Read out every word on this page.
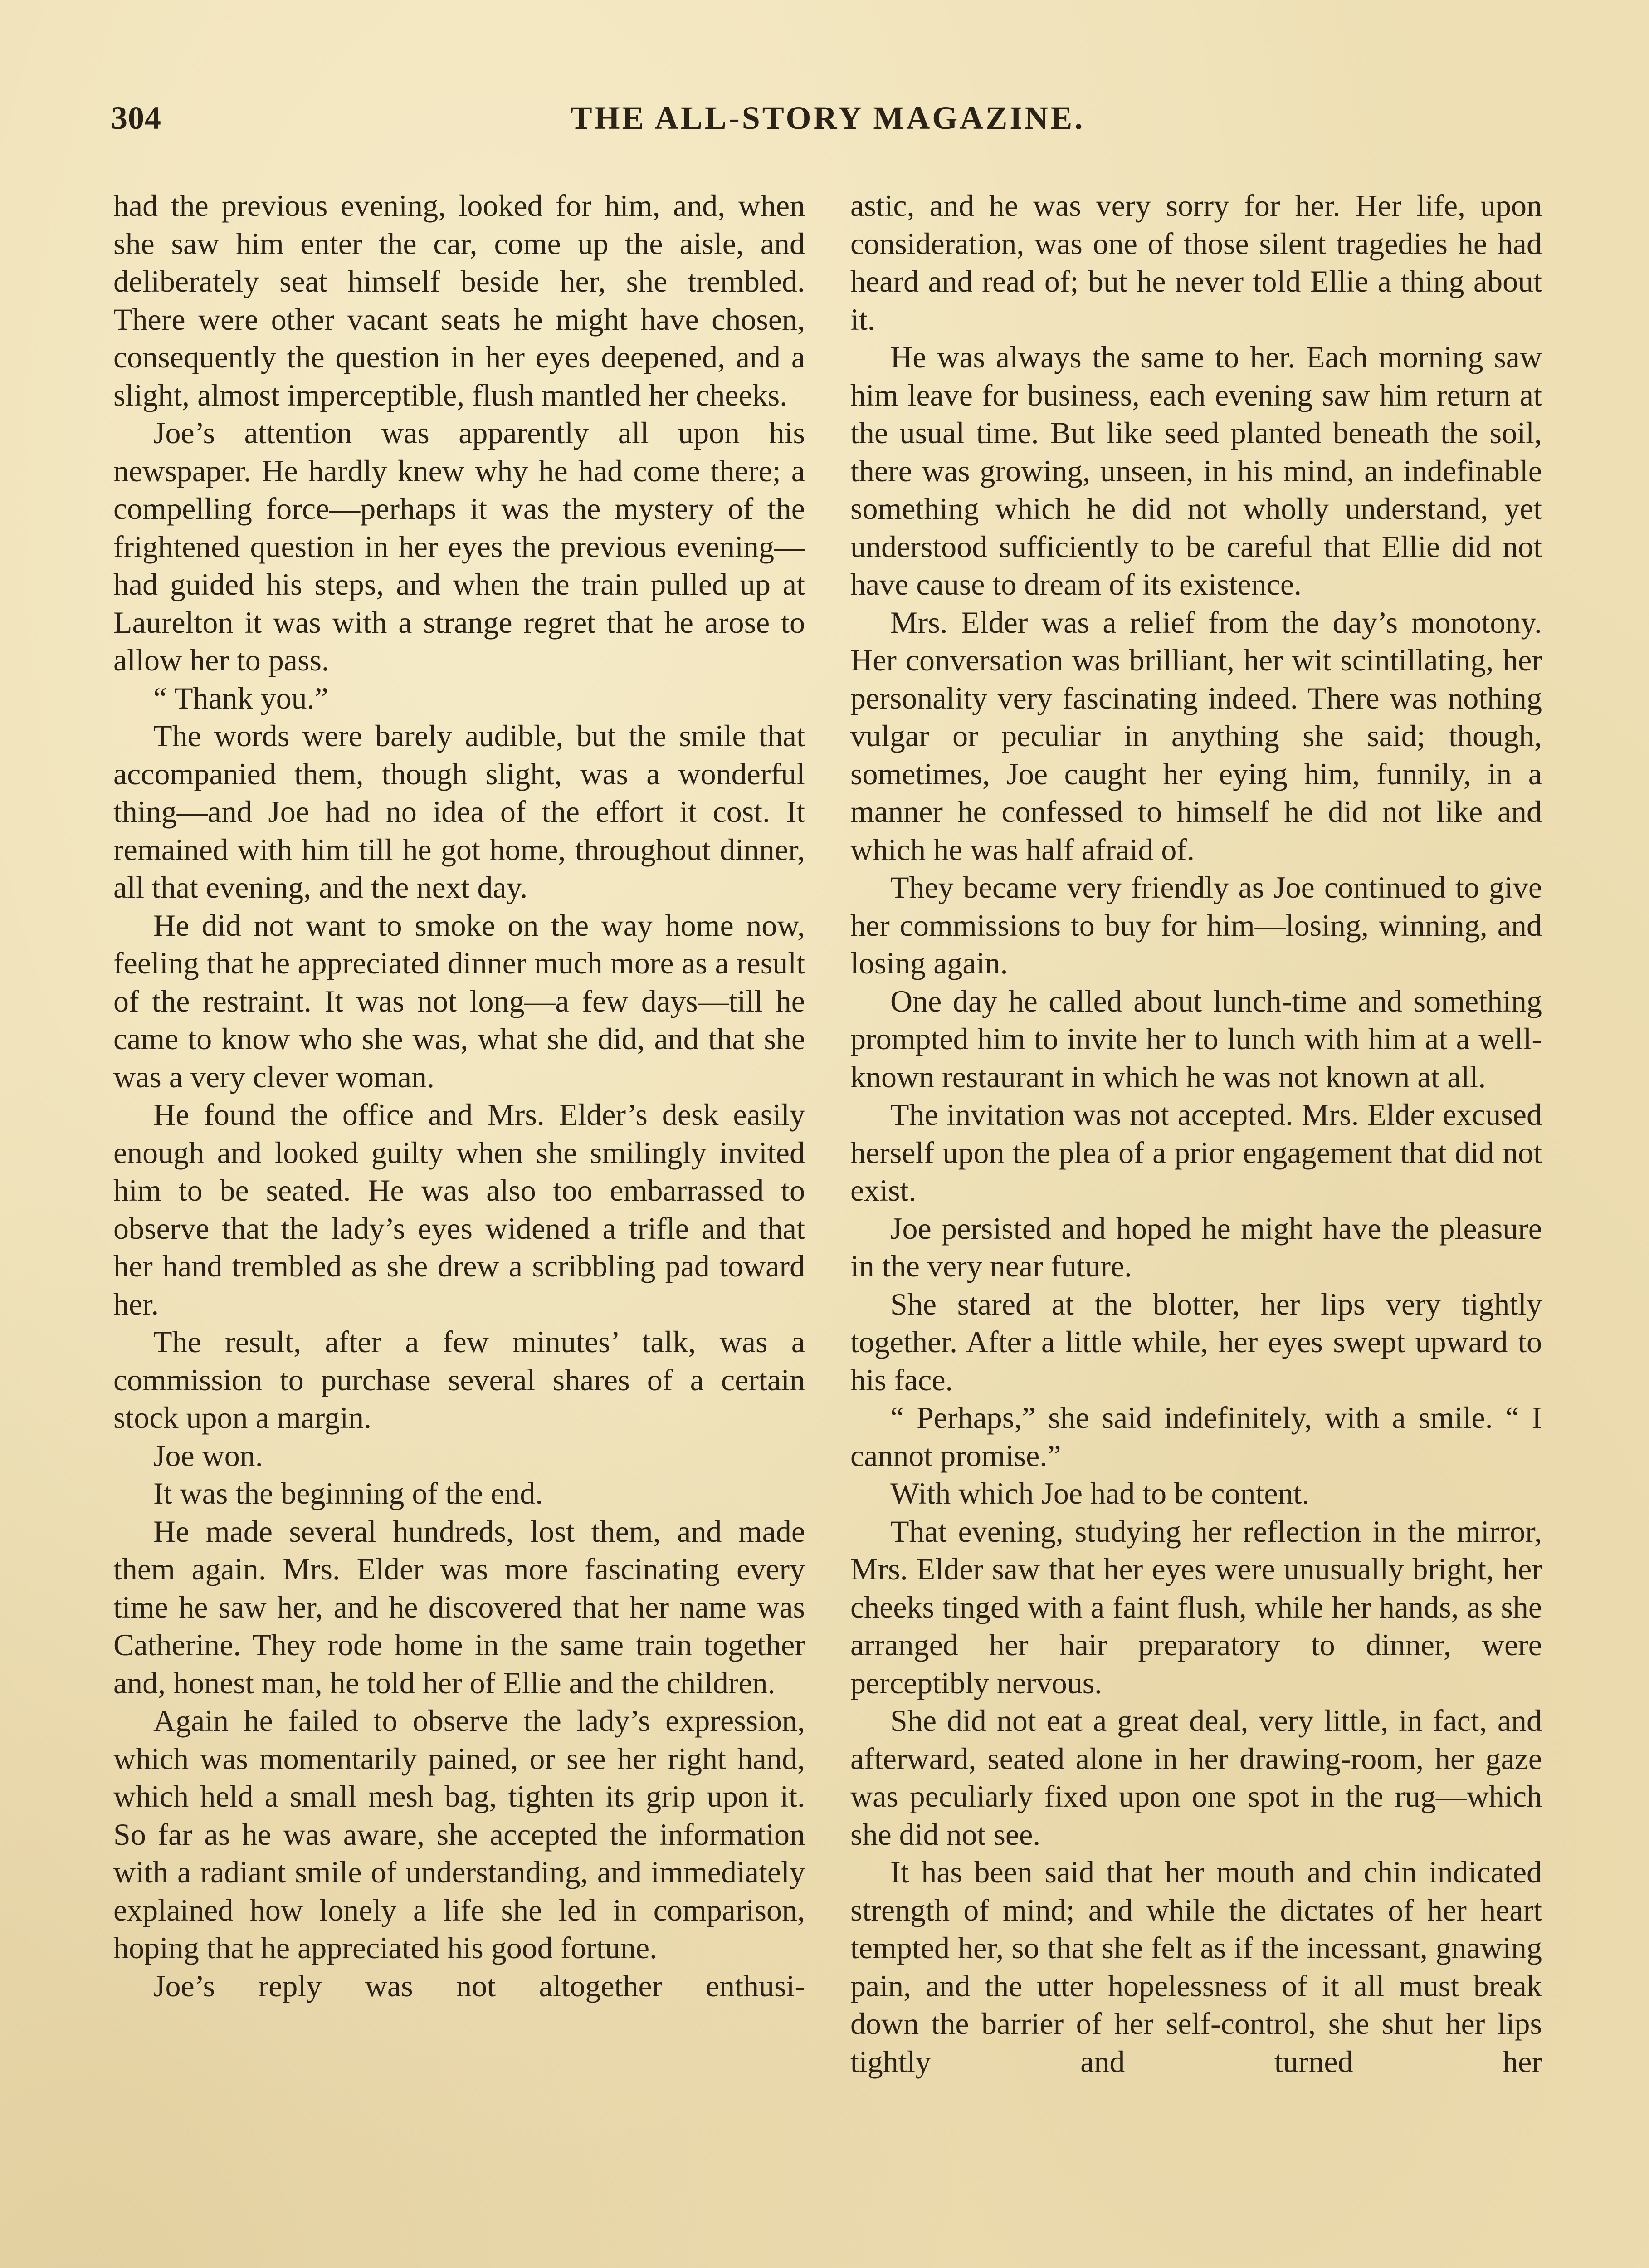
304	THE ALL-STORY MAGAZINE.

had the previous evening, looked for him, and, when she saw him enter the car, come up the aisle, and deliberately seat himself beside her, she trembled. There were other vacant seats he might have chosen, consequently the question in her eyes deepened, and a slight, almost imperceptible, flush mantled her cheeks.

Joe’s attention was apparently all upon his newspaper. He hardly knew why he had come there; a compelling force—perhaps it was the mystery of the frightened question in her eyes the previous evening—had guided his steps, and when the train pulled up at Laurelton it was with a strange regret that he arose to allow her to pass.

“ Thank you.”

The words were barely audible, but the smile that accompanied them, though slight, was a wonderful thing—and Joe had no idea of the effort it cost. It remained with him till he got home, throughout dinner, all that evening, and the next day.

He did not want to smoke on the way home now, feeling that he appreciated dinner much more as a result of the restraint. It was not long—a few days—till he came to know who she was, what she did, and that she was a very clever woman.

He found the office and Mrs. Elder’s desk easily enough and looked guilty when she smilingly invited him to be seated. He was also too embarrassed to observe that the lady’s eyes widened a trifle and that her hand trembled as she drew a scribbling pad toward her.

The result, after a few minutes’ talk, was a commission to purchase several shares of a certain stock upon a margin.

Joe won.

It was the beginning of the end.

He made several hundreds, lost them, and made them again. Mrs. Elder was more fascinating every time he saw her, and he discovered that her name was Catherine. They rode home in the same train together and, honest man, he told her of Ellie and the children.

Again he failed to observe the lady’s expression, which was momentarily pained, or see her right hand, which held a small mesh bag, tighten its grip upon it. So far as he was aware, she accepted the information with a radiant smile of understanding, and immediately explained how lonely a life she led in comparison, hoping that he appreciated his good fortune.

Joe’s reply was not altogether enthusi-

astic, and he was very sorry for her. Her life, upon consideration, was one of those silent tragedies he had heard and read of; but he never told Ellie a thing about it.

He was always the same to her. Each morning saw him leave for business, each evening saw him return at the usual time. But like seed planted beneath the soil, there was growing, unseen, in his mind, an indefinable something which he did not wholly understand, yet understood sufficiently to be careful that Ellie did not have cause to dream of its existence.

Mrs. Elder was a relief from the day’s monotony. Her conversation was brilliant, her wit scintillating, her personality very fascinating indeed. There was nothing vulgar or peculiar in anything she said; though, sometimes, Joe caught her eying him, funnily, in a manner he confessed to himself he did not like and which he was half afraid of.

They became very friendly as Joe continued to give her commissions to buy for him—losing, winning, and losing again.

One day he called about lunch-time and something prompted him to invite her to lunch with him at a well-known restaurant in which he was not known at all.

The invitation was not accepted. Mrs. Elder excused herself upon the plea of a prior engagement that did not exist.

Joe persisted and hoped he might have the pleasure in the very near future.

She stared at the blotter, her lips very tightly together. After a little while, her eyes swept upward to his face.

“ Perhaps,” she said indefinitely, with a smile. “ I cannot promise.”

With which Joe had to be content.

That evening, studying her reflection in the mirror, Mrs. Elder saw that her eyes were unusually bright, her cheeks tinged with a faint flush, while her hands, as she arranged her hair preparatory to dinner, were perceptibly nervous.

She did not eat a great deal, very little, in fact, and afterward, seated alone in her drawing-room, her gaze was peculiarly fixed upon one spot in the rug—which she did not see.

It has been said that her mouth and chin indicated strength of mind; and while the dictates of her heart tempted her, so that she felt as if the incessant, gnawing pain, and the utter hopelessness of it all must break down the barrier of her self-control, she shut her lips tightly and turned her
